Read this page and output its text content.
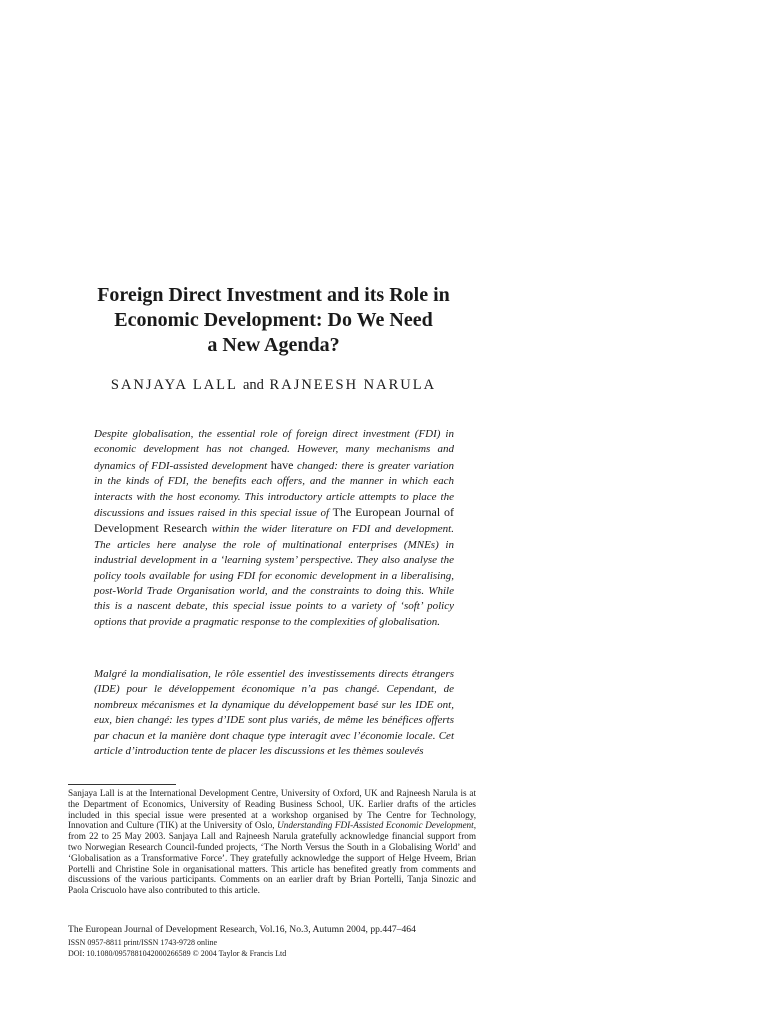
Foreign Direct Investment and its Role in
Economic Development: Do We Need
a New Agenda?
SANJAYA LALL and RAJNEESH NARULA

Despite globalisation, the essential role of foreign direct investment (FDI) in economic development has not changed. However, many mechanisms and dynamics of FDI-assisted development have changed: there is greater variation in the kinds of FDI, the benefits each offers, and the manner in which each interacts with the host economy. This introductory article attempts to place the discussions and issues raised in this special issue of The European Journal of Development Research within the wider literature on FDI and development. The articles here analyse the role of multinational enterprises (MNEs) in industrial development in a ‘learning system’ perspective. They also analyse the policy tools available for using FDI for economic development in a liberalising, post-World Trade Organisation world, and the constraints to doing this. While this is a nascent debate, this special issue points to a variety of ‘soft’ policy options that provide a pragmatic response to the complexities of globalisation.

Malgré la mondialisation, le rôle essentiel des investissements directs étrangers (IDE) pour le développement économique n’a pas changé. Cependant, de nombreux mécanismes et la dynamique du développement basé sur les IDE ont, eux, bien changé: les types d’IDE sont plus variés, de même les bénéfices offerts par chacun et la manière dont chaque type interagit avec l’économie locale. Cet article d’introduction tente de placer les discussions et les thèmes soulevés

Sanjaya Lall is at the International Development Centre, University of Oxford, UK and Rajneesh Narula is at the Department of Economics, University of Reading Business School, UK. Earlier drafts of the articles included in this special issue were presented at a workshop organised by The Centre for Technology, Innovation and Culture (TIK) at the University of Oslo, Understanding FDI-Assisted Economic Development, from 22 to 25 May 2003. Sanjaya Lall and Rajneesh Narula gratefully acknowledge financial support from two Norwegian Research Council-funded projects, ‘The North Versus the South in a Globalising World’ and ‘Globalisation as a Transformative Force’. They gratefully acknowledge the support of Helge Hveem, Brian Portelli and Christine Sole in organisational matters. This article has benefited greatly from comments and discussions of the various participants. Comments on an earlier draft by Brian Portelli, Tanja Sinozic and Paola Criscuolo have also contributed to this article.

The European Journal of Development Research, Vol.16, No.3, Autumn 2004, pp.447–464
ISSN 0957-8811 print/ISSN 1743-9728 online
DOI: 10.1080/0957881042000266589 © 2004 Taylor & Francis Ltd
